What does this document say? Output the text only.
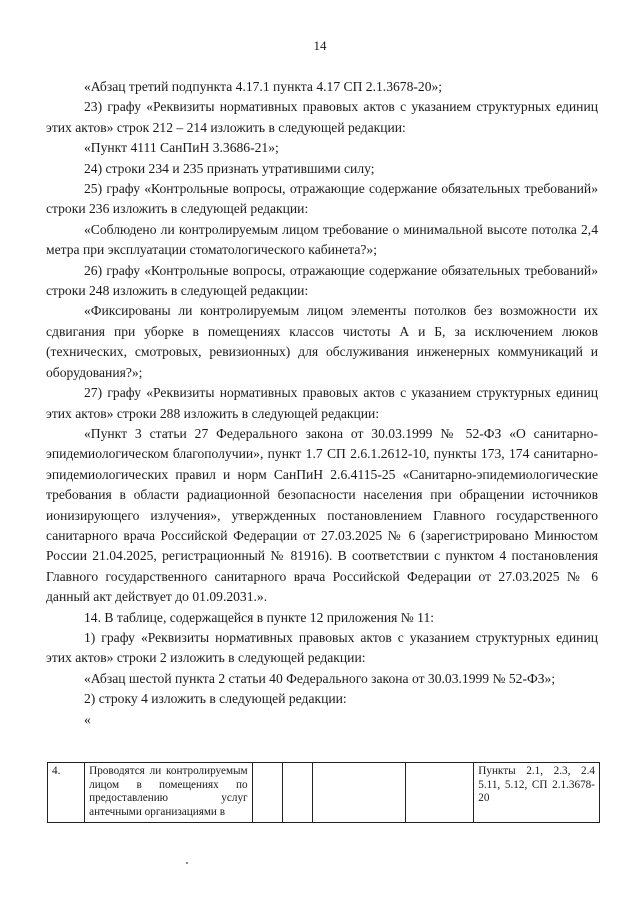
14

«Абзац третий подпункта 4.17.1 пункта 4.17 СП 2.1.3678-20»;

23) графу «Реквизиты нормативных правовых актов с указанием структурных единиц этих актов» строк 212 – 214 изложить в следующей редакции:

«Пункт 4111 СанПиН 3.3686-21»;

24) строки 234 и 235 признать утратившими силу;

25) графу «Контрольные вопросы, отражающие содержание обязательных требований» строки 236 изложить в следующей редакции:

«Соблюдено ли контролируемым лицом требование о минимальной высоте потолка 2,4 метра при эксплуатации стоматологического кабинета?»;

26) графу «Контрольные вопросы, отражающие содержание обязательных требований» строки 248 изложить в следующей редакции:

«Фиксированы ли контролируемым лицом элементы потолков без возможности их сдвигания при уборке в помещениях классов чистоты А и Б, за исключением люков (технических, смотровых, ревизионных) для обслуживания инженерных коммуникаций и оборудования?»;

27) графу «Реквизиты нормативных правовых актов с указанием структурных единиц этих актов» строки 288 изложить в следующей редакции:

«Пункт 3 статьи 27 Федерального закона от 30.03.1999 № 52-ФЗ «О санитарно-эпидемиологическом благополучии», пункт 1.7 СП 2.6.1.2612-10, пункты 173, 174 санитарно-эпидемиологических правил и норм СанПиН 2.6.4115-25 «Санитарно-эпидемиологические требования в области радиационной безопасности населения при обращении источников ионизирующего излучения», утвержденных постановлением Главного государственного санитарного врача Российской Федерации от 27.03.2025 № 6 (зарегистрировано Минюстом России 21.04.2025, регистрационный № 81916). В соответствии с пунктом 4 постановления Главного государственного санитарного врача Российской Федерации от 27.03.2025 № 6 данный акт действует до 01.09.2031.».

14. В таблице, содержащейся в пункте 12 приложения № 11:

1) графу «Реквизиты нормативных правовых актов с указанием структурных единиц этих актов» строки 2 изложить в следующей редакции:

«Абзац шестой пункта 2 статьи 40 Федерального закона от 30.03.1999 № 52-ФЗ»;

2) строку 4 изложить в следующей редакции:

«

4.	Проводятся ли контролируемым лицом в помещениях по предоставлению услуг антечными организациями в					Пункты 2.1, 2.3, 2.4 5.11, 5.12, СП 2.1.3678-20
